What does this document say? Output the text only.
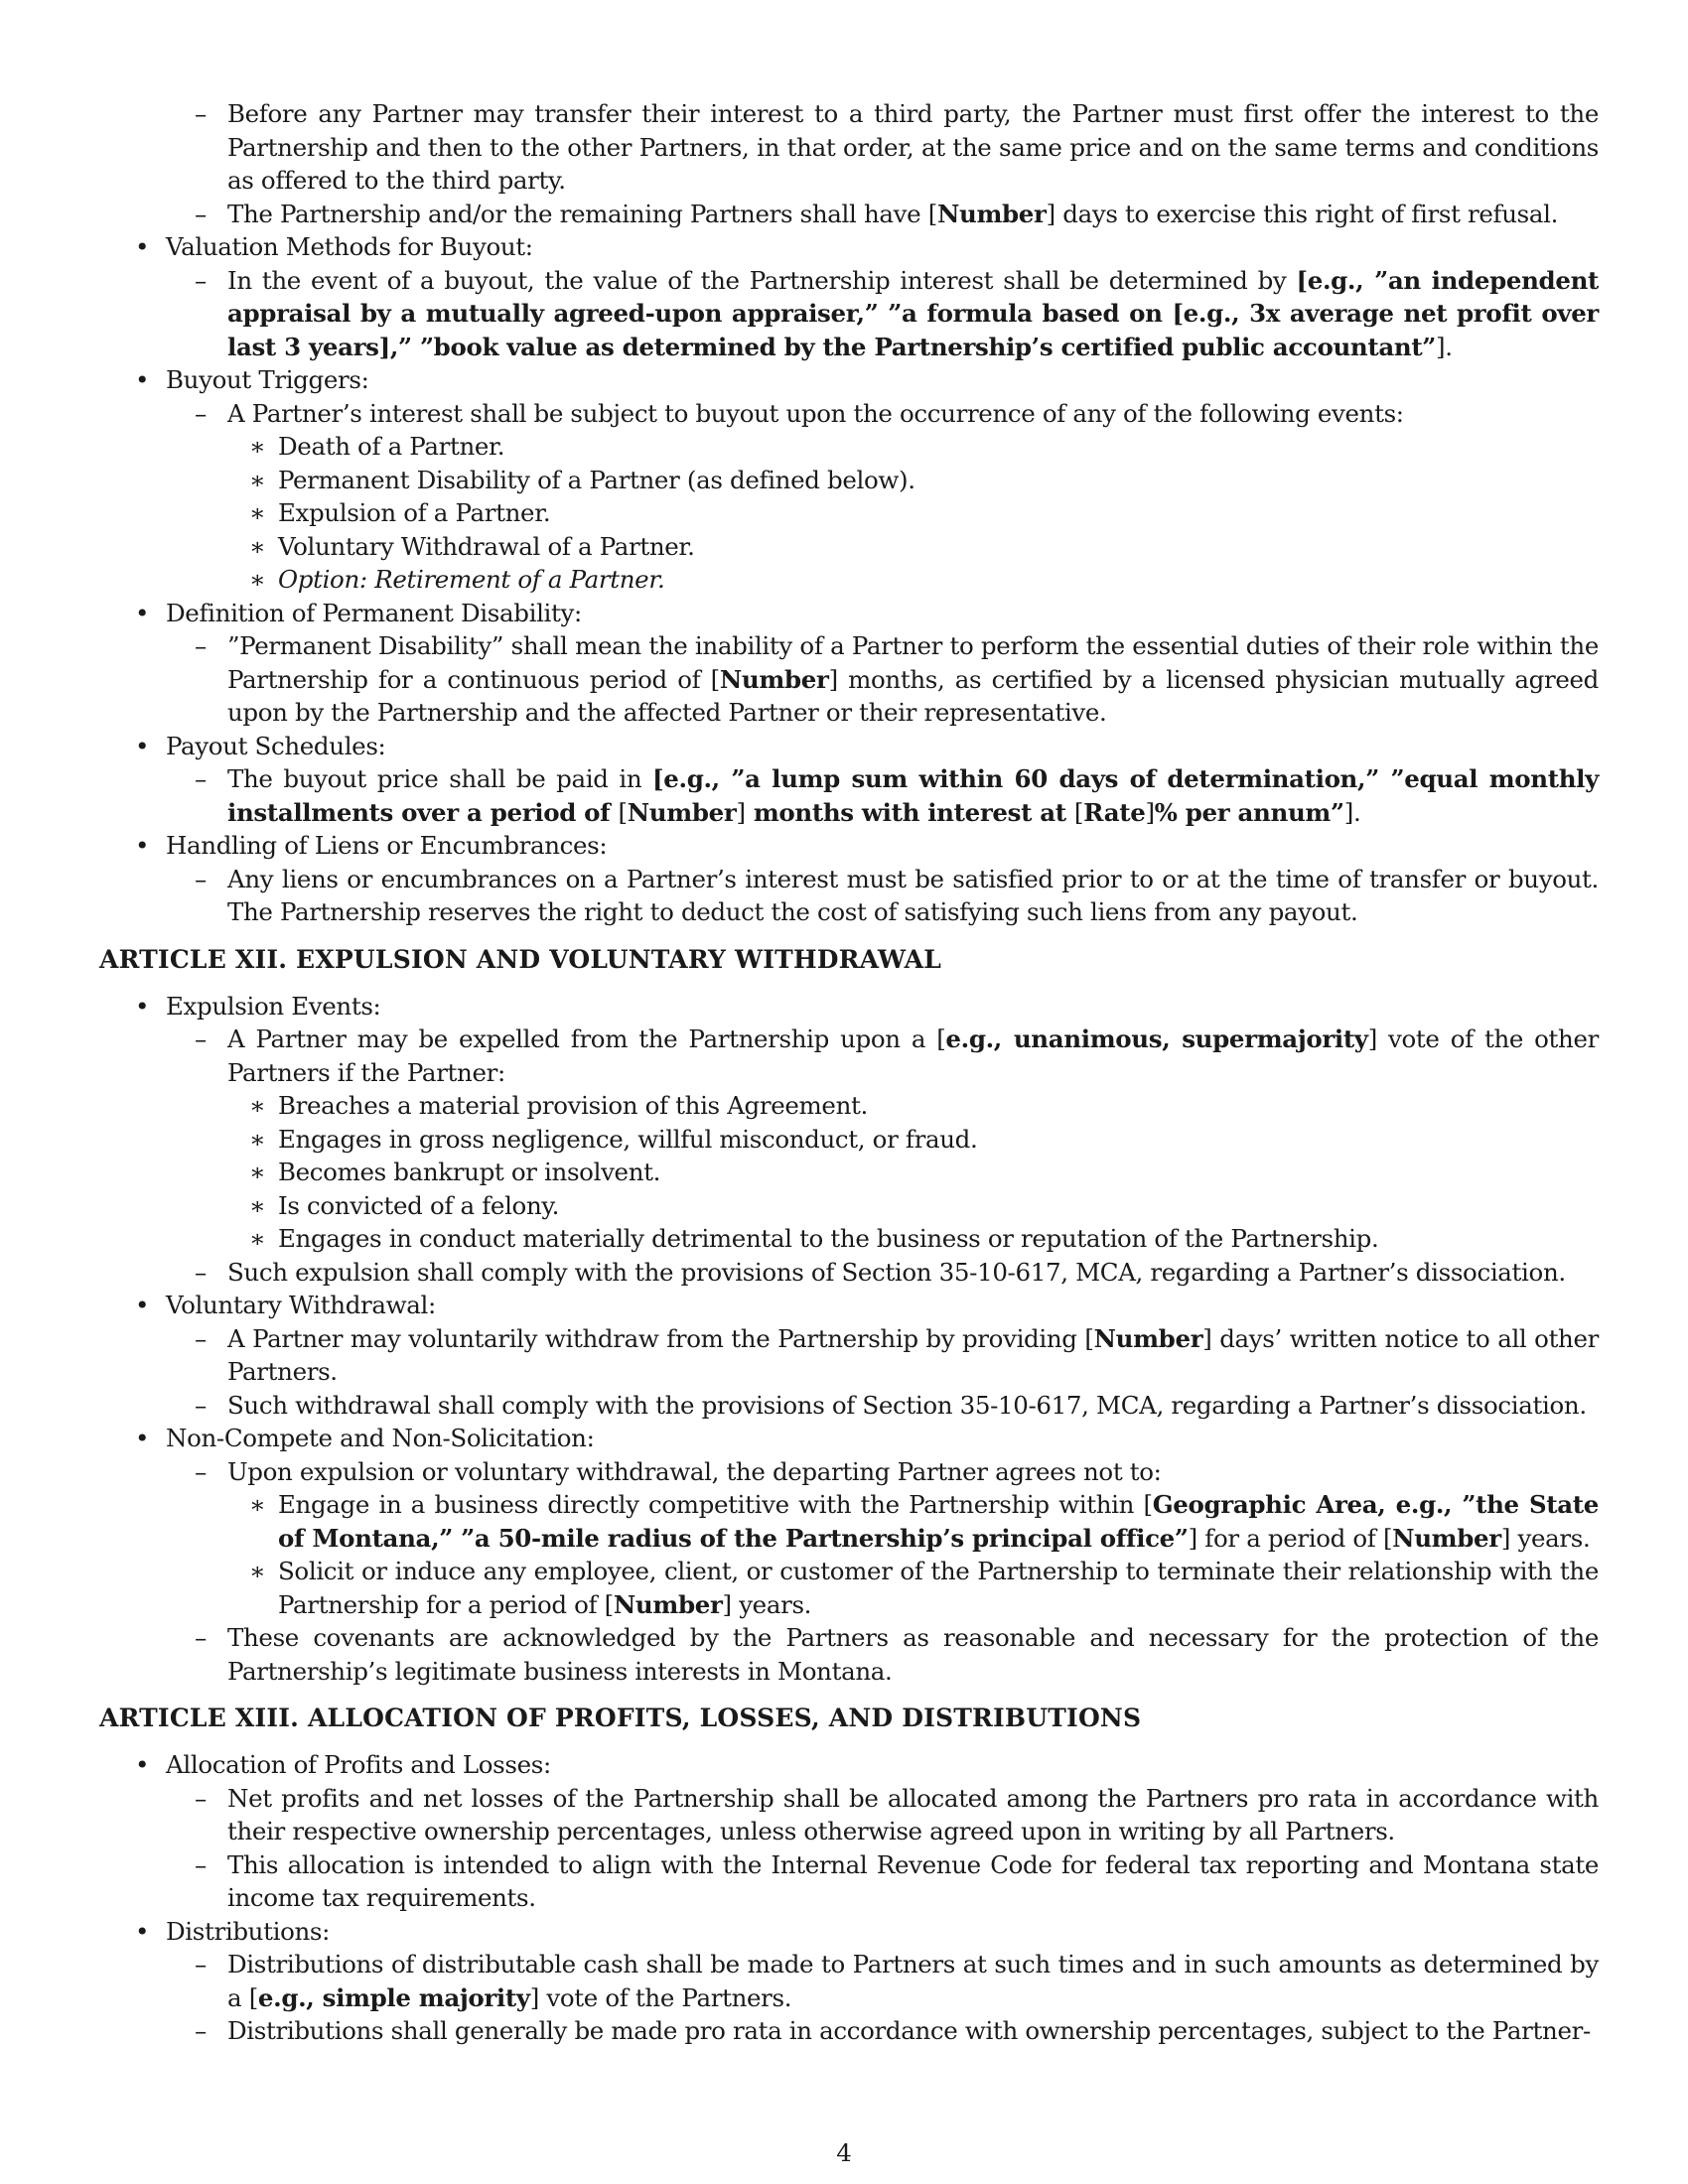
– Before any Partner may transfer their interest to a third party, the Partner must first offer the interest to the Partnership and then to the other Partners, in that order, at the same price and on the same terms and conditions as offered to the third party.
– The Partnership and/or the remaining Partners shall have [Number] days to exercise this right of first refusal.
• Valuation Methods for Buyout:
– In the event of a buyout, the value of the Partnership interest shall be determined by [e.g., ”an independent appraisal by a mutually agreed-upon appraiser,” ”a formula based on [e.g., 3x average net profit over last 3 years],” ”book value as determined by the Partnership’s certified public accountant”].
• Buyout Triggers:
– A Partner’s interest shall be subject to buyout upon the occurrence of any of the following events:
∗ Death of a Partner.
∗ Permanent Disability of a Partner (as defined below).
∗ Expulsion of a Partner.
∗ Voluntary Withdrawal of a Partner.
∗ Option: Retirement of a Partner.
• Definition of Permanent Disability:
– ”Permanent Disability” shall mean the inability of a Partner to perform the essential duties of their role within the Partnership for a continuous period of [Number] months, as certified by a licensed physician mutually agreed upon by the Partnership and the affected Partner or their representative.
• Payout Schedules:
– The buyout price shall be paid in [e.g., ”a lump sum within 60 days of determination,” ”equal monthly installments over a period of [Number] months with interest at [Rate]% per annum”].
• Handling of Liens or Encumbrances:
– Any liens or encumbrances on a Partner’s interest must be satisfied prior to or at the time of transfer or buyout. The Partnership reserves the right to deduct the cost of satisfying such liens from any payout.
ARTICLE XII. EXPULSION AND VOLUNTARY WITHDRAWAL
• Expulsion Events:
– A Partner may be expelled from the Partnership upon a [e.g., unanimous, supermajority] vote of the other Partners if the Partner:
∗ Breaches a material provision of this Agreement.
∗ Engages in gross negligence, willful misconduct, or fraud.
∗ Becomes bankrupt or insolvent.
∗ Is convicted of a felony.
∗ Engages in conduct materially detrimental to the business or reputation of the Partnership.
– Such expulsion shall comply with the provisions of Section 35-10-617, MCA, regarding a Partner’s dissociation.
• Voluntary Withdrawal:
– A Partner may voluntarily withdraw from the Partnership by providing [Number] days’ written notice to all other Partners.
– Such withdrawal shall comply with the provisions of Section 35-10-617, MCA, regarding a Partner’s dissociation.
• Non-Compete and Non-Solicitation:
– Upon expulsion or voluntary withdrawal, the departing Partner agrees not to:
∗ Engage in a business directly competitive with the Partnership within [Geographic Area, e.g., ”the State of Montana,” ”a 50-mile radius of the Partnership’s principal office”] for a period of [Number] years.
∗ Solicit or induce any employee, client, or customer of the Partnership to terminate their relationship with the Partnership for a period of [Number] years.
– These covenants are acknowledged by the Partners as reasonable and necessary for the protection of the Partnership’s legitimate business interests in Montana.
ARTICLE XIII. ALLOCATION OF PROFITS, LOSSES, AND DISTRIBUTIONS
• Allocation of Profits and Losses:
– Net profits and net losses of the Partnership shall be allocated among the Partners pro rata in accordance with their respective ownership percentages, unless otherwise agreed upon in writing by all Partners.
– This allocation is intended to align with the Internal Revenue Code for federal tax reporting and Montana state income tax requirements.
• Distributions:
– Distributions of distributable cash shall be made to Partners at such times and in such amounts as determined by a [e.g., simple majority] vote of the Partners.
– Distributions shall generally be made pro rata in accordance with ownership percentages, subject to the Partner-
4
